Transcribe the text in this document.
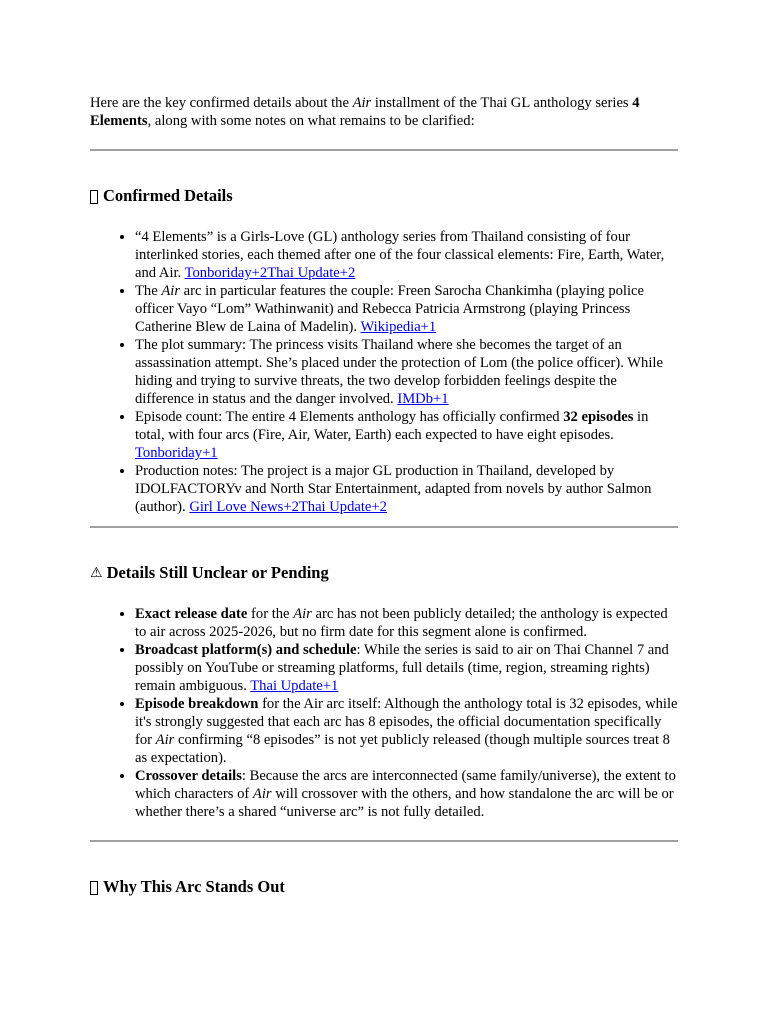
Here are the key confirmed details about the Air installment of the Thai GL anthology series 4 Elements, along with some notes on what remains to be clarified:

Confirmed Details
• “4 Elements” is a Girls-Love (GL) anthology series from Thailand consisting of four interlinked stories, each themed after one of the four classical elements: Fire, Earth, Water, and Air. Tonboriday+2Thai Update+2
• The Air arc in particular features the couple: Freen Sarocha Chankimha (playing police officer Vayo “Lom” Wathinwanit) and Rebecca Patricia Armstrong (playing Princess Catherine Blew de Laina of Madelin). Wikipedia+1
• The plot summary: The princess visits Thailand where she becomes the target of an assassination attempt. She’s placed under the protection of Lom (the police officer). While hiding and trying to survive threats, the two develop forbidden feelings despite the difference in status and the danger involved. IMDb+1
• Episode count: The entire 4 Elements anthology has officially confirmed 32 episodes in total, with four arcs (Fire, Air, Water, Earth) each expected to have eight episodes. Tonboriday+1
• Production notes: The project is a major GL production in Thailand, developed by IDOLFACTORYv and North Star Entertainment, adapted from novels by author Salmon (author). Girl Love News+2Thai Update+2
⚠ Details Still Unclear or Pending
• Exact release date for the Air arc has not been publicly detailed; the anthology is expected to air across 2025-2026, but no firm date for this segment alone is confirmed.
• Broadcast platform(s) and schedule: While the series is said to air on Thai Channel 7 and possibly on YouTube or streaming platforms, full details (time, region, streaming rights) remain ambiguous. Thai Update+1
• Episode breakdown for the Air arc itself: Although the anthology total is 32 episodes, while it's strongly suggested that each arc has 8 episodes, the official documentation specifically for Air confirming “8 episodes” is not yet publicly released (though multiple sources treat 8 as expectation).
• Crossover details: Because the arcs are interconnected (same family/universe), the extent to which characters of Air will crossover with the others, and how standalone the arc will be or whether there’s a shared “universe arc” is not fully detailed.
Why This Arc Stands Out
